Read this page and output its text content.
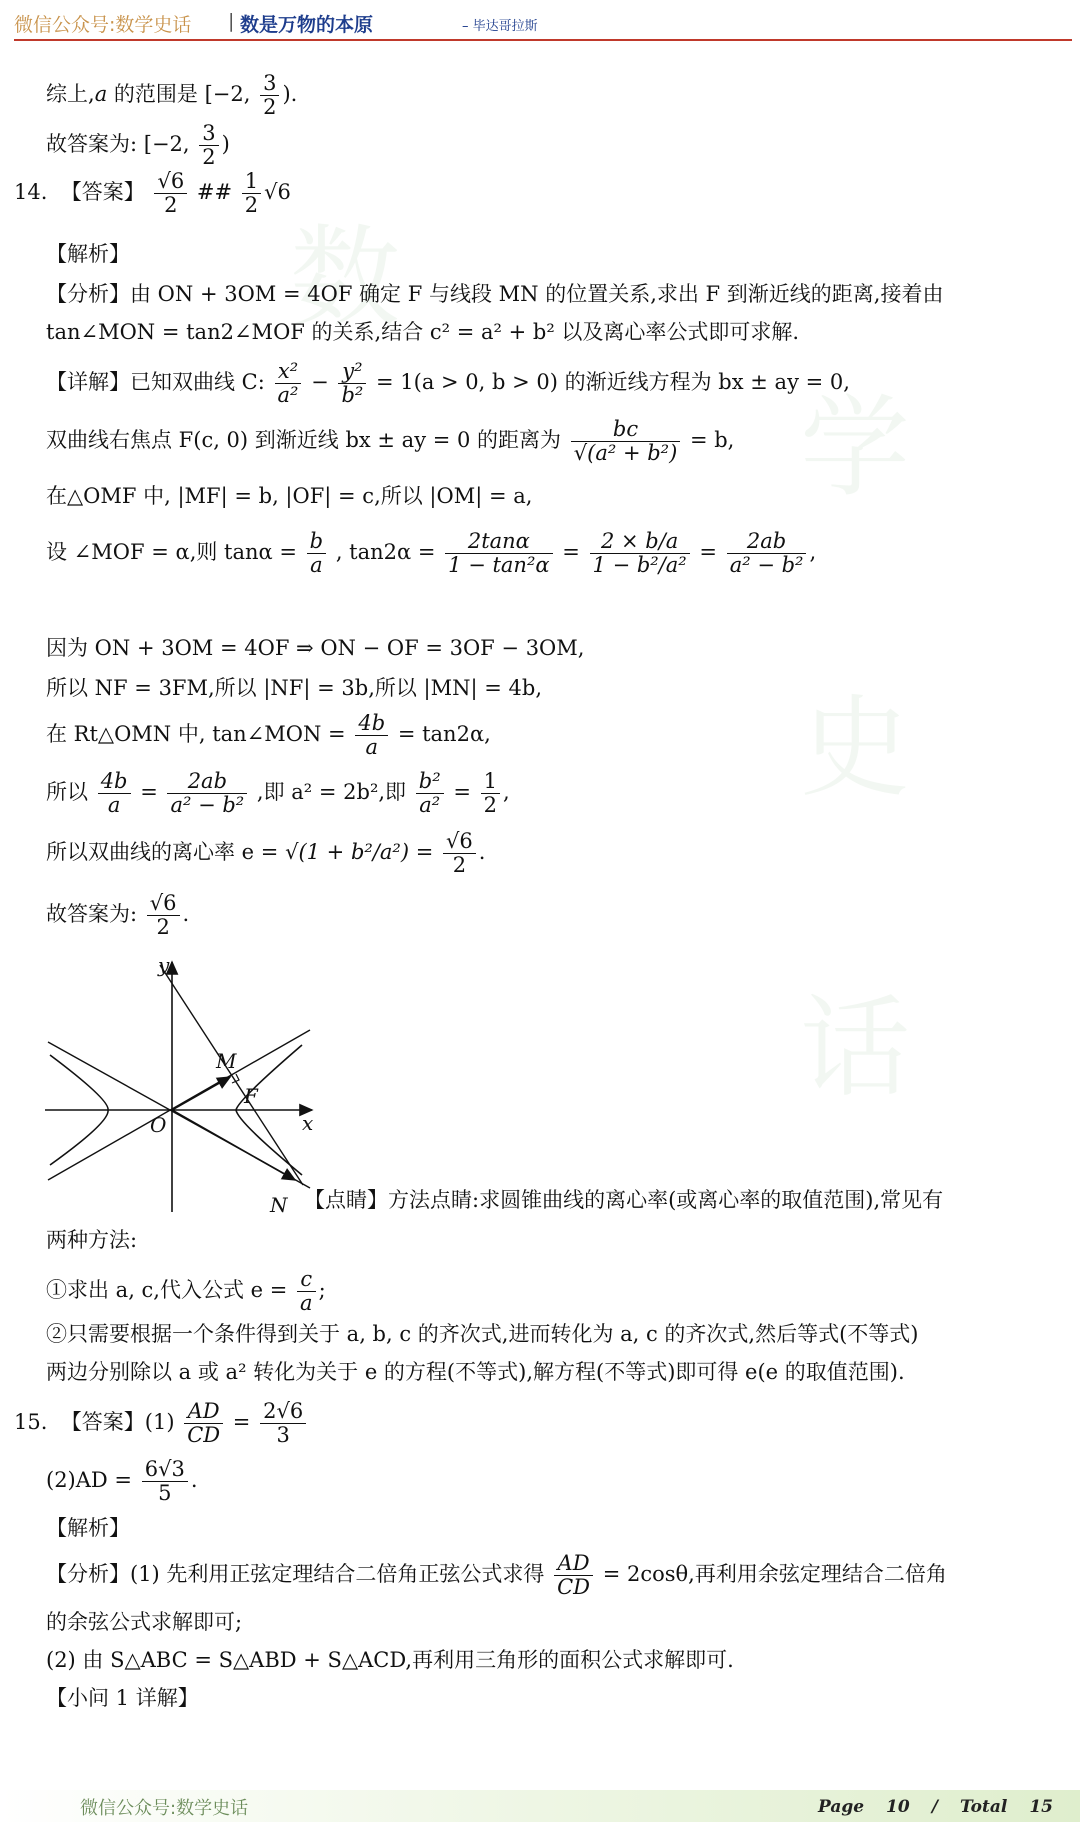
数
学
史
话
微信公众号:数学史话 | 数是万物的本原	– 毕达哥拉斯
综上,a 的范围是 [−2, $\frac{3}{2}$ ).
故答案为: [−2, $\frac{3}{2}$ )
14. 【答案】 $\frac{√6}{2}$ ## $\frac{1}{2} √6$
【解析】
【分析】由 ON + 3OM = 4OF 确定 F 与线段 MN 的位置关系,求出 F 到渐近线的距离,接着由
tan∠MON = tan2∠MOF 的关系,结合 c² = a² + b² 以及离心率公式即可求解.
【详解】已知双曲线 C: $\frac{\text{x²}}{\text{a²}} - \frac{\text{y²}}{\text{b²}} = 1(a > 0$, b > 0) 的渐近线方程为 bx ± ay = 0,
双曲线右焦点 F(c, 0) 到渐近线 bx ± ay = 0 的距离为 $\frac{bc}{\text{√(a² + b²)}} = b$,
在△OMF 中, |MF| = b, |OF| = c,所以 |OM| = a,
设 ∠MOF = α,则 $\tan\alpha = \frac{b}{a}$ , $\tan 2\alpha = \frac{2\tan\alpha}{\text{1 − tan²α}} = \frac{2 \times b/a}{\text{1 − b²/a²}} = \frac{2ab}{\text{a² − b²}}$ ,
因为 ON + 3OM = 4OF ⇒ ON − OF = 3OF − 3OM,
所以 NF = 3FM,所以 |NF| = 3b,所以 |MN| = 4b,
在 Rt△OMN 中, tan∠MON = $\frac{4b}{a} = \tan 2\alpha$,
所以 $\frac{4b}{a} = \frac{2ab}{\text{a² − b²}}$ ,即 a² = 2b²,即 $\frac{\text{b²}}{\text{a²}} = \frac{1}{2}$ ,
所以双曲线的离心率 $e = √(1 + b^2/a^2) = \frac{√6}{2}$ .
故答案为: $\frac{√6}{2}$ .
y
x
O
M
F
N 【点睛】方法点睛:求圆锥曲线的离心率(或离心率的取值范围),常见有
两种方法:
①求出 a, c,代入公式 $e = \frac{c}{a}$ ;
②只需要根据一个条件得到关于 a, b, c 的齐次式,进而转化为 a, c 的齐次式,然后等式(不等式)
两边分别除以 a 或 a² 转化为关于 e 的方程(不等式),解方程(不等式)即可得 e(e 的取值范围).
15. 【答案】$(1) \frac{AD}{CD} = \frac{2√6}{3}$
$(2)AD = \frac{6√3}{5}$ .
【解析】
【分析】(1) 先利用正弦定理结合二倍角正弦公式求得 $\frac{AD}{CD} = 2\cos\theta$,再利用余弦定理结合二倍角
的余弦公式求解即可;
(2) 由 S△ABC = S△ABD + S△ACD,再利用三角形的面积公式求解即可.
【小问 1 详解】
微信公众号:数学史话	Page 10 / Total 15
